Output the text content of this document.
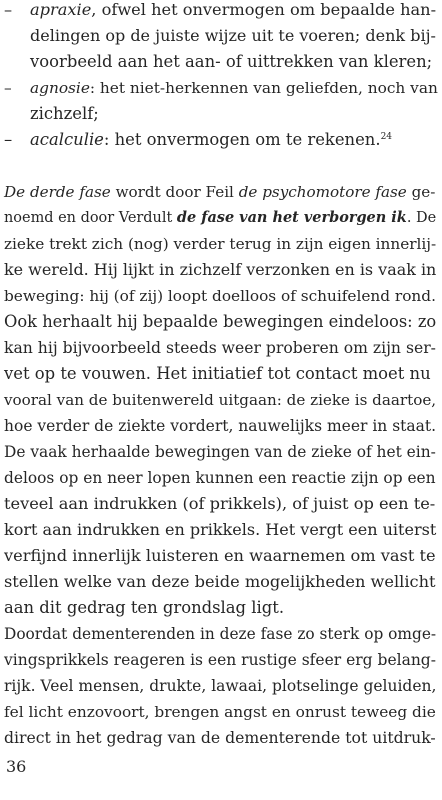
– apraxie, ofwel het onvermogen om bepaalde han-
delingen op de juiste wijze uit te voeren; denk bij-
voorbeeld aan het aan- of uittrekken van kleren;
– agnosie: het niet-herkennen van geliefden, noch van
zichzelf;
– acalculie: het onvermogen om te rekenen.$^{24}$
De derde fase wordt door Feil de psychomotore fase ge-
noemd en door Verdult de fase van het verborgen ik. De
zieke trekt zich (nog) verder terug in zijn eigen innerlij-
ke wereld. Hij lijkt in zichzelf verzonken en is vaak in
beweging: hij (of zij) loopt doelloos of schuifelend rond.
Ook herhaalt hij bepaalde bewegingen eindeloos: zo
kan hij bijvoorbeeld steeds weer proberen om zijn ser-
vet op te vouwen. Het initiatief tot contact moet nu
vooral van de buitenwereld uitgaan: de zieke is daartoe,
hoe verder de ziekte vordert, nauwelijks meer in staat.
De vaak herhaalde bewegingen van de zieke of het ein-
deloos op en neer lopen kunnen een reactie zijn op een
teveel aan indrukken (of prikkels), of juist op een te-
kort aan indrukken en prikkels. Het vergt een uiterst
verfijnd innerlijk luisteren en waarnemen om vast te
stellen welke van deze beide mogelijkheden wellicht
aan dit gedrag ten grondslag ligt.
Doordat dementerenden in deze fase zo sterk op omge-
vingsprikkels reageren is een rustige sfeer erg belang-
rijk. Veel mensen, drukte, lawaai, plotselinge geluiden,
fel licht enzovoort, brengen angst en onrust teweeg die
direct in het gedrag van de dementerende tot uitdruk-
36
